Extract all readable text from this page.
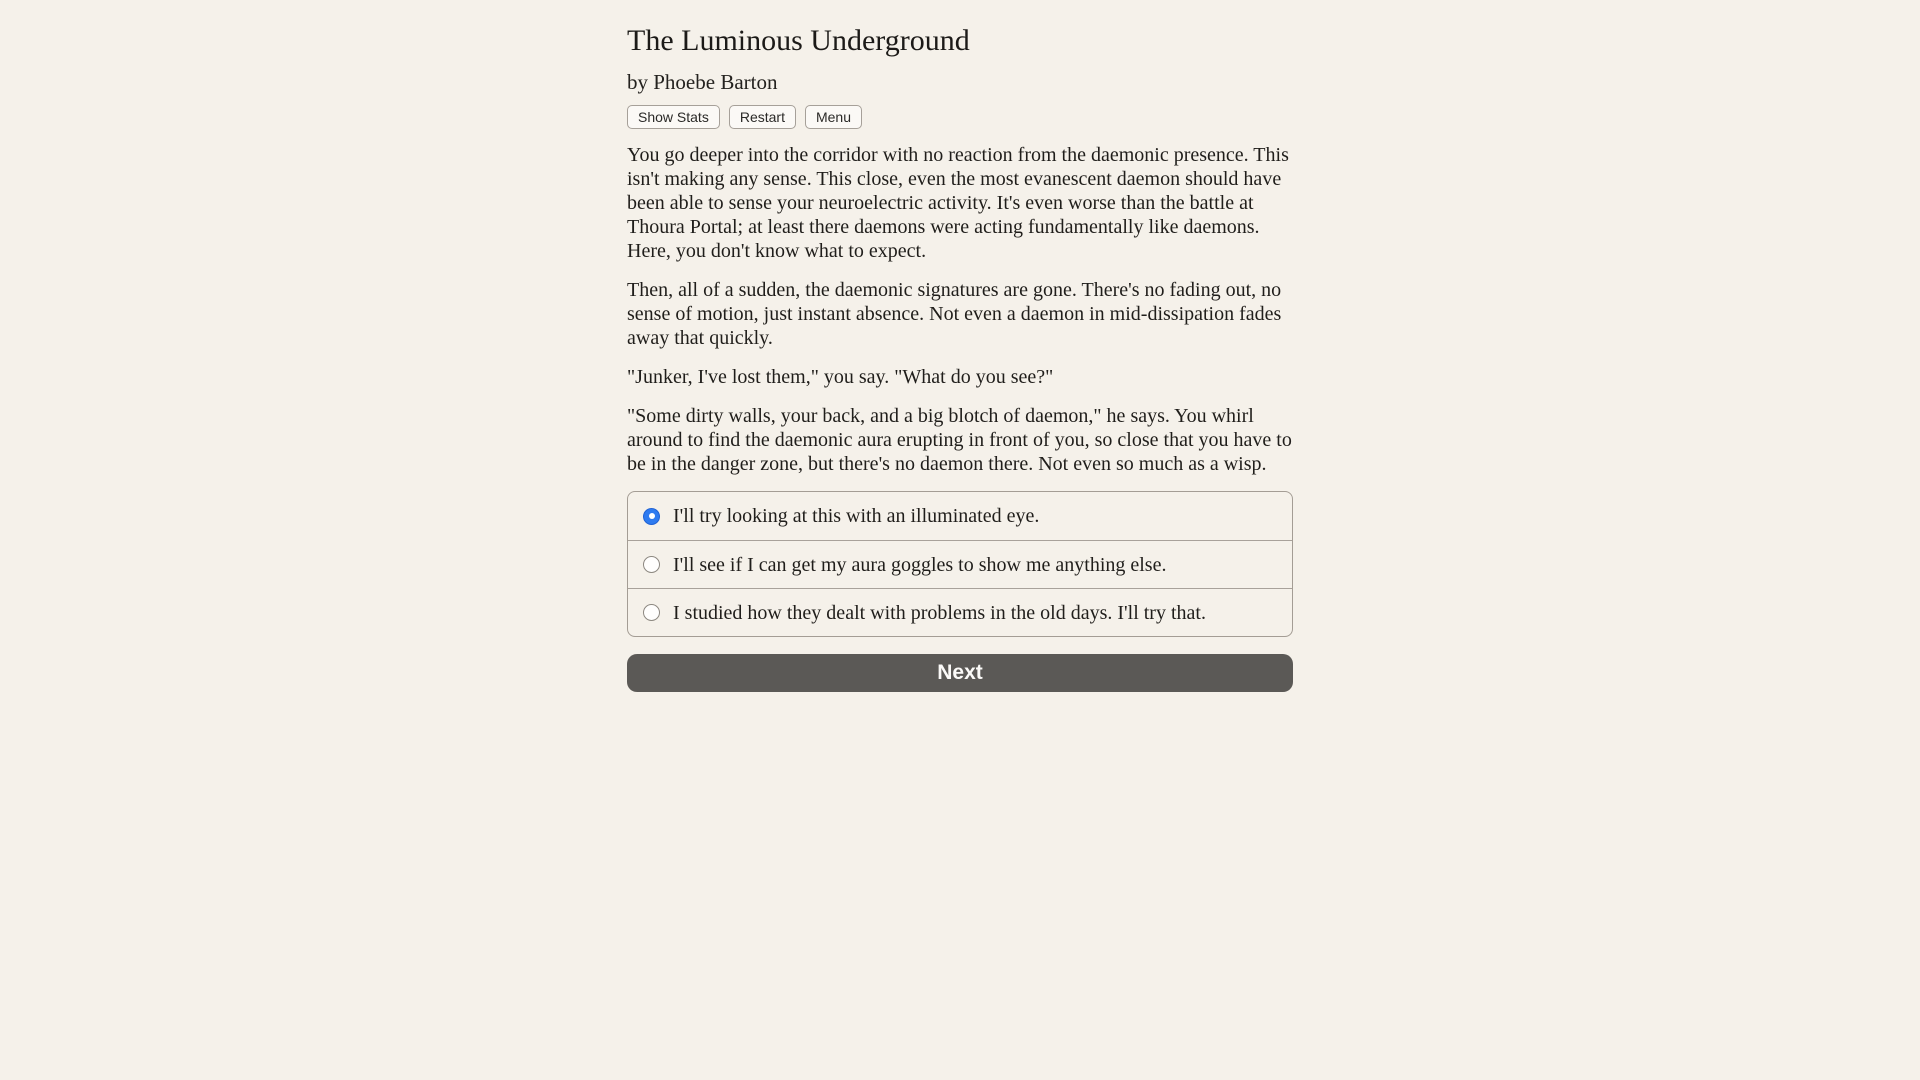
The Luminous Underground
by Phoebe Barton
Show Stats	Restart	Menu

You go deeper into the corridor with no reaction from the daemonic presence. This isn't making any sense. This close, even the most evanescent daemon should have been able to sense your neuroelectric activity. It's even worse than the battle at Thoura Portal; at least there daemons were acting fundamentally like daemons. Here, you don't know what to expect.

Then, all of a sudden, the daemonic signatures are gone. There's no fading out, no sense of motion, just instant absence. Not even a daemon in mid-dissipation fades away that quickly.

"Junker, I've lost them," you say. "What do you see?"

"Some dirty walls, your back, and a big blotch of daemon," he says. You whirl around to find the daemonic aura erupting in front of you, so close that you have to be in the danger zone, but there's no daemon there. Not even so much as a wisp.

I'll try looking at this with an illuminated eye.
I'll see if I can get my aura goggles to show me anything else.
I studied how they dealt with problems in the old days. I'll try that.
Next
